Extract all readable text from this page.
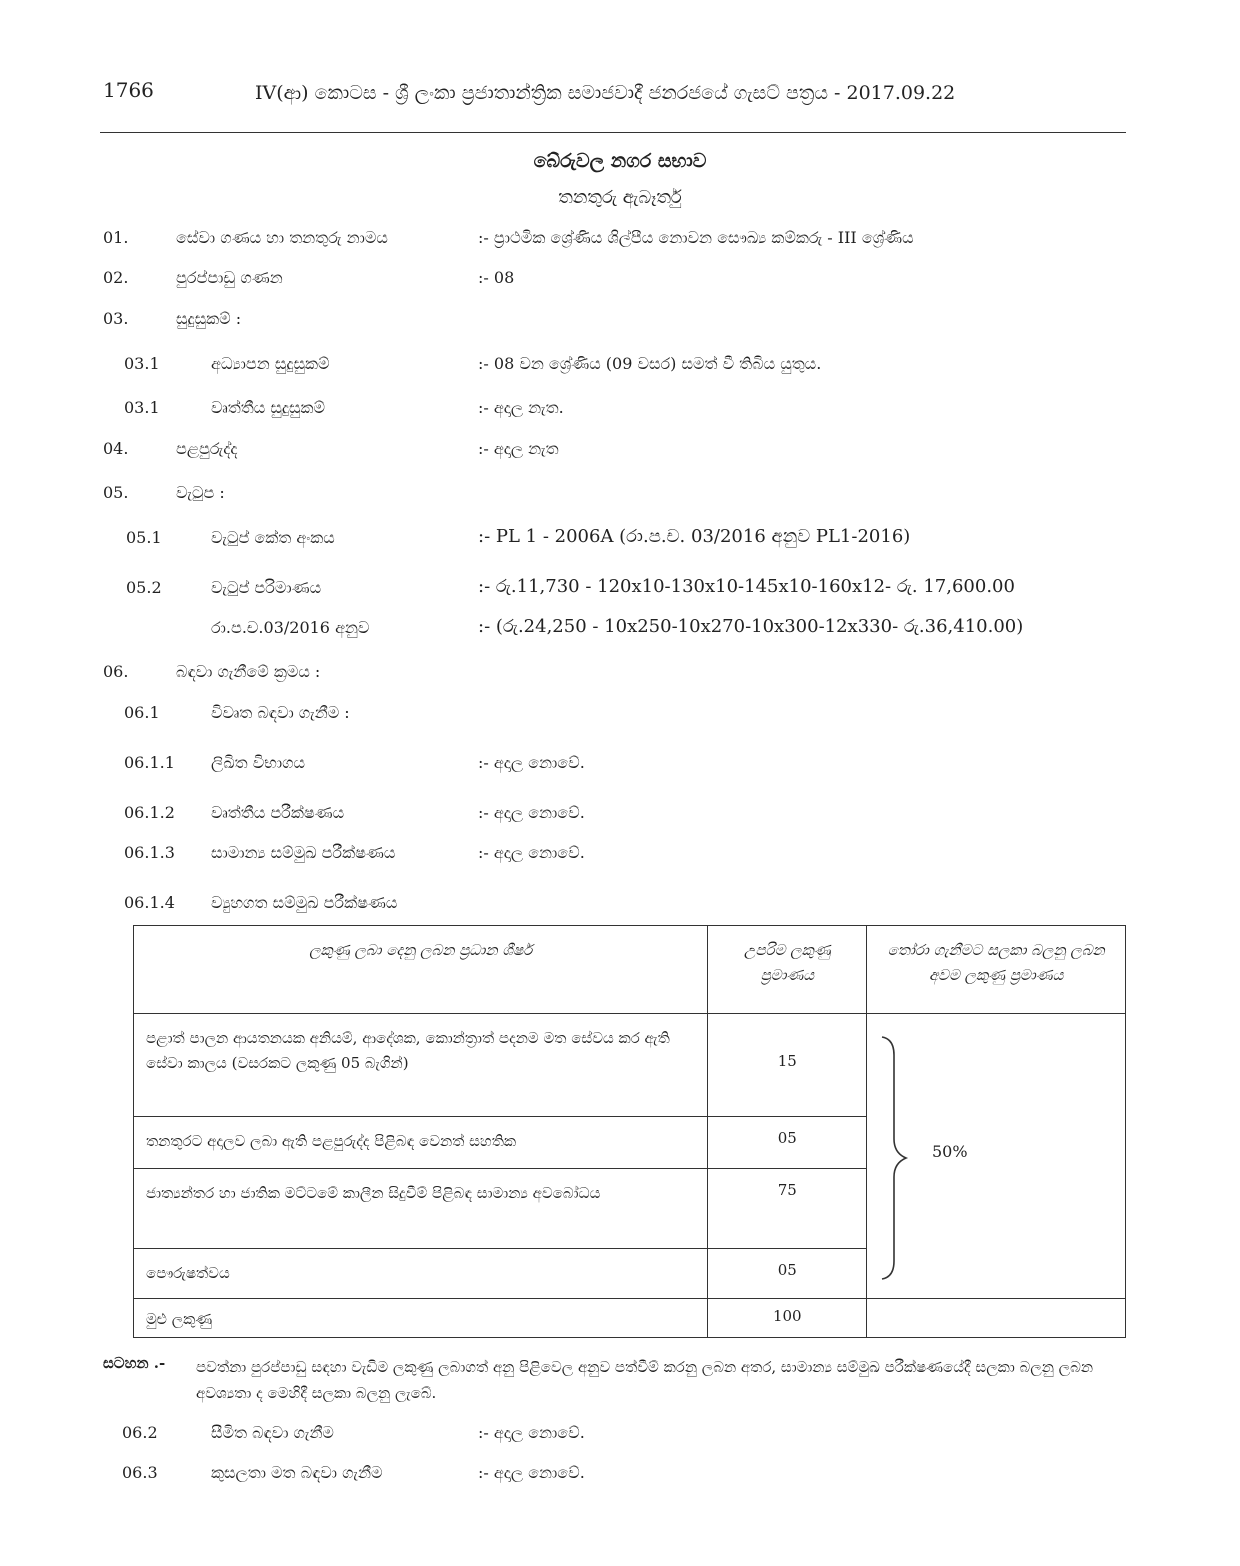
1766	IV(ආ) කොටස - ශ්‍රී ලංකා ප්‍රජාතාන්ත්‍රික සමාජවාදී ජනරජයේ ගැසට් පත්‍රය - 2017.09.22
බේරුවල නගර සභාව
තනතුරු ඇබෑර්තු
01.	සේවා ගණය හා තනතුරු නාමය	:- ප්‍රාථමික ශ්‍රේණිය ශිල්පීය නොවන සෞඛ්‍ය කම්කරු - III ශ්‍රේණිය
02.	පුරප්පාඩු ගණන	:- 08
03.	සුදුසුකම් :
03.1	අධ්‍යාපන සුදුසුකම්	:- 08 වන ශ්‍රේණිය (09 වසර) සමත් වී තිබිය යුතුය.
03.1	වෘත්තීය සුදුසුකම්	:- අදාල නැත.
04.	පළපුරුද්ද	:- අදාල නැත
05.	වැටුප :
05.1	වැටුප් කේත අංකය	:- PL 1 - 2006A (රා.ප.ච. 03/2016 අනුව PL1-2016)
05.2	වැටුප් පරිමාණය	:- රු.11,730 - 120x10-130x10-145x10-160x12- රු. 17,600.00
රා.ප.ච.03/2016 අනුව	:- (රු.24,250 - 10x250-10x270-10x300-12x330- රු.36,410.00)
06.	බඳවා ගැනීමේ ක්‍රමය :
06.1	විවෘත බඳවා ගැනීම :
06.1.1 ලිඛිත විභාගය	:- අදාල නොවේ.
06.1.2 වෘත්තීය පරීක්ෂණය	:- අදාල නොවේ.
06.1.3 සාමාන්‍ය සම්මුඛ පරීක්ෂණය	:- අදාල නොවේ.
06.1.4 ව්‍යුහගත සම්මුඛ පරීක්ෂණය
ලකුණු ලබා දෙනු ලබන ප්‍රධාන ශීර්ෂ	උපරිම ලකුණු ප්‍රමාණය	තෝරා ගැනීමට සලකා බලනු ලබන අවම ලකුණු ප්‍රමාණය
පළාත් පාලන ආයතනයක අනියම්, ආදේශක, කොන්ත්‍රාත් පදනම මත සේවය කර ඇති සේවා කාලය (වසරකට ලකුණු 05 බැගින්)	15	
තනතුරට අදාලව ලබා ඇති පළපුරුද්ද පිළිබඳ වෙනත් සහතික	05	
ජාත්‍යන්තර හා ජාතික මට්ටමේ කාලීන සිදුවීම් පිළිබඳ සාමාන්‍ය අවබෝධය	75	
පෞරුෂත්වය	05	
මුළු ලකුණු	100	
50%
සටහන .- පවත්නා පුරප්පාඩු සඳහා වැඩිම ලකුණු ලබාගත් අනු පිළිවෙල අනුව පත්වීම් කරනු ලබන අතර, සාමාන්‍ය සම්මුඛ පරීක්ෂණයේදී සලකා බලනු ලබන අවශ්‍යතා ද මෙහිදී සලකා බලනු ලැබේ.
06.2	සීමිත බඳවා ගැනීම	:- අදාල නොවේ.
06.3	කුසලතා මත බඳවා ගැනීම	:- අදාල නොවේ.
